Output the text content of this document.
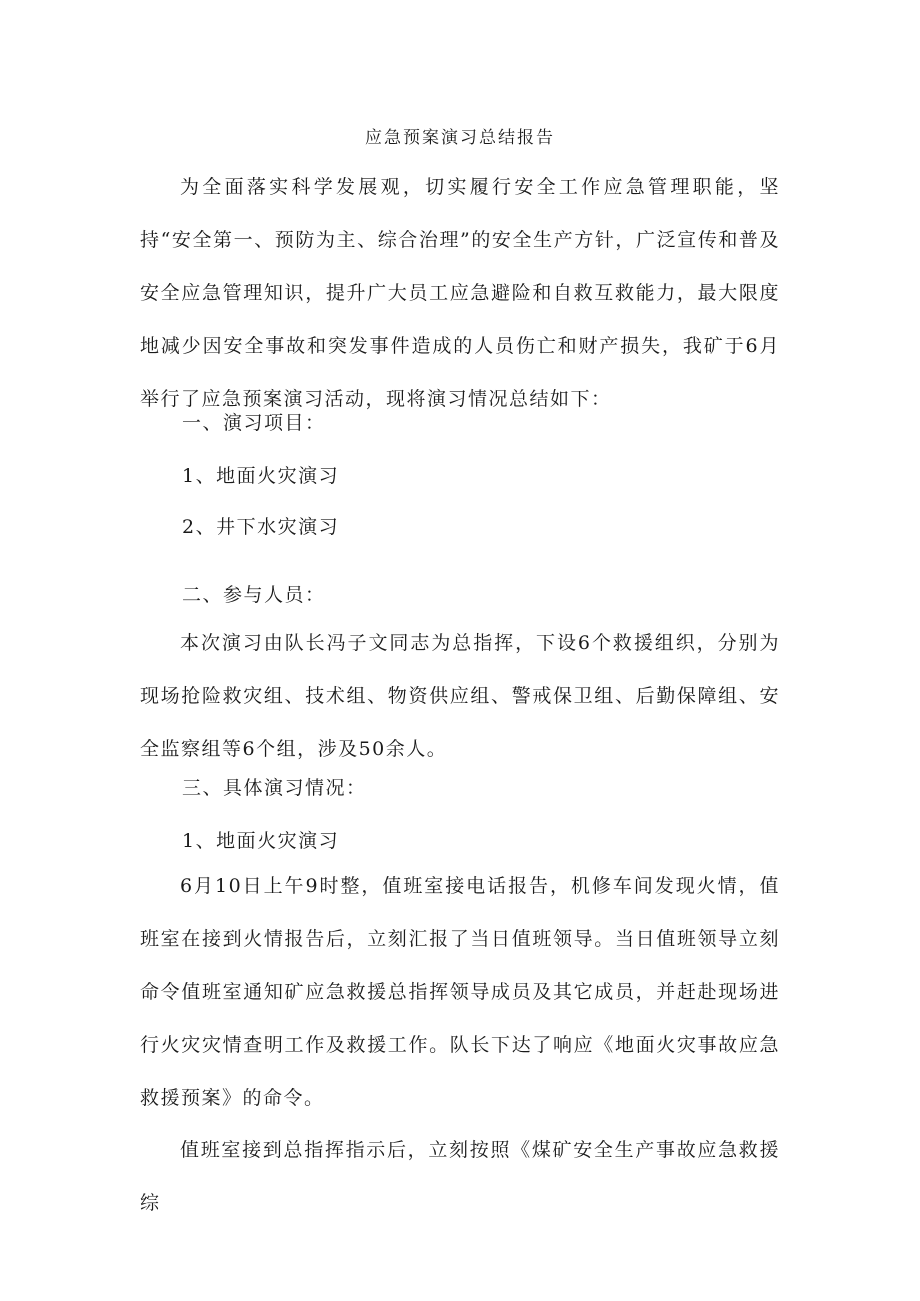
应急预案演习总结报告

为全面落实科学发展观，切实履行安全工作应急管理职能，坚持“安全第一、预防为主、综合治理”的安全生产方针，广泛宣传和普及安全应急管理知识，提升广大员工应急避险和自救互救能力，最大限度地减少因安全事故和突发事件造成的人员伤亡和财产损失，我矿于6月举行了应急预案演习活动，现将演习情况总结如下：

一、演习项目：

1、地面火灾演习

2、井下水灾演习

二、参与人员：

本次演习由队长冯子文同志为总指挥，下设6个救援组织，分别为现场抢险救灾组、技术组、物资供应组、警戒保卫组、后勤保障组、安全监察组等6个组，涉及50余人。

三、具体演习情况：

1、地面火灾演习

6月10日上午9时整，值班室接电话报告，机修车间发现火情，值班室在接到火情报告后，立刻汇报了当日值班领导。当日值班领导立刻命令值班室通知矿应急救援总指挥领导成员及其它成员，并赶赴现场进行火灾灾情查明工作及救援工作。队长下达了响应《地面火灾事故应急救援预案》的命令。

值班室接到总指挥指示后，立刻按照《煤矿安全生产事故应急救援综
